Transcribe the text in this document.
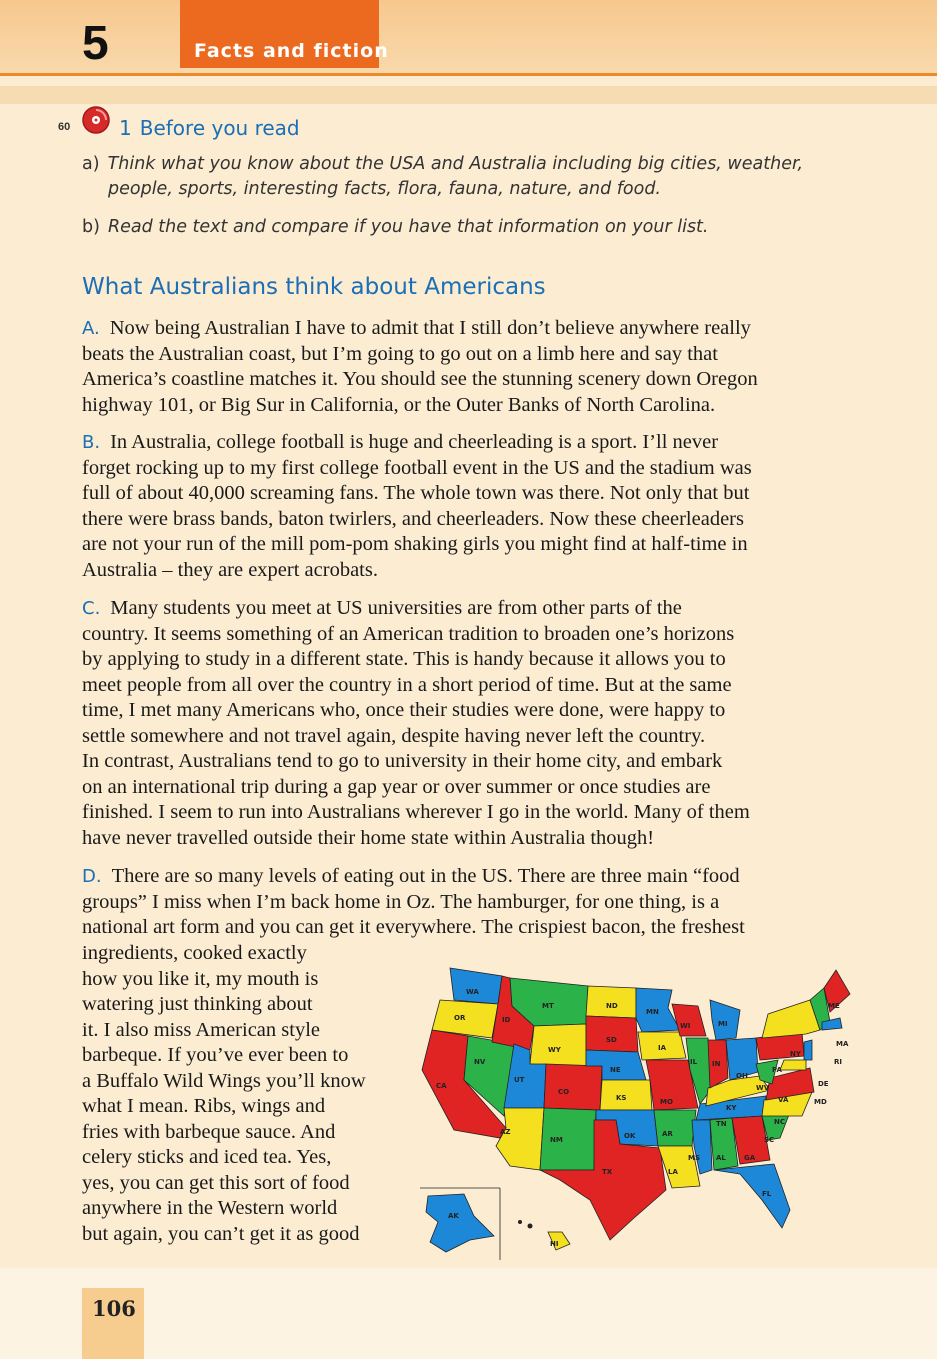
5	Facts and fiction
60 1 Before you read
a) Think what you know about the USA and Australia including big cities, weather,
people, sports, interesting facts, flora, fauna, nature, and food.
b) Read the text and compare if you have that information on your list.
What Australians think about Americans
A. Now being Australian I have to admit that I still don’t believe anywhere really
beats the Australian coast, but I’m going to go out on a limb here and say that
America’s coastline matches it. You should see the stunning scenery down Oregon
highway 101, or Big Sur in California, or the Outer Banks of North Carolina.
B. In Australia, college football is huge and cheerleading is a sport. I’ll never
forget rocking up to my first college football event in the US and the stadium was
full of about 40,000 screaming fans. The whole town was there. Not only that but
there were brass bands, baton twirlers, and cheerleaders. Now these cheerleaders
are not your run of the mill pom-pom shaking girls you might find at half-time in
Australia – they are expert acrobats.
C. Many students you meet at US universities are from other parts of the
country. It seems something of an American tradition to broaden one’s horizons
by applying to study in a different state. This is handy because it allows you to
meet people from all over the country in a short period of time. But at the same
time, I met many Americans who, once their studies were done, were happy to
settle somewhere and not travel again, despite having never left the country.
In contrast, Australians tend to go to university in their home city, and embark
on an international trip during a gap year or over summer or once studies are
finished. I seem to run into Australians wherever I go in the world. Many of them
have never travelled outside their home state within Australia though!
D. There are so many levels of eating out in the US. There are three main “food
groups” I miss when I’m back home in Oz. The hamburger, for one thing, is a
national art form and you can get it everywhere. The crispiest bacon, the freshest
ingredients, cooked exactly
how you like it, my mouth is
watering just thinking about
it. I also miss American style
barbeque. If you’ve ever been to
a Buffalo Wild Wings you’ll know
what I mean. Ribs, wings and
fries with barbeque sauce. And
celery sticks and iced tea. Yes,
yes, you can get this sort of food
anywhere in the Western world
but again, you can’t get it as good
WA
OR
CA
NV
ID
MT
WY
UT
AZ
NM
CO
ND
SD
NE
KS
OK
TX
MN
IA
MO
AR
LA
WI
IL
MS AL
TN
KY
IN
MI
OH
GA
FL
SC
NC
VA
WV
PA
NY
ME
MA
RI
DE
MD
AK
HI
106
